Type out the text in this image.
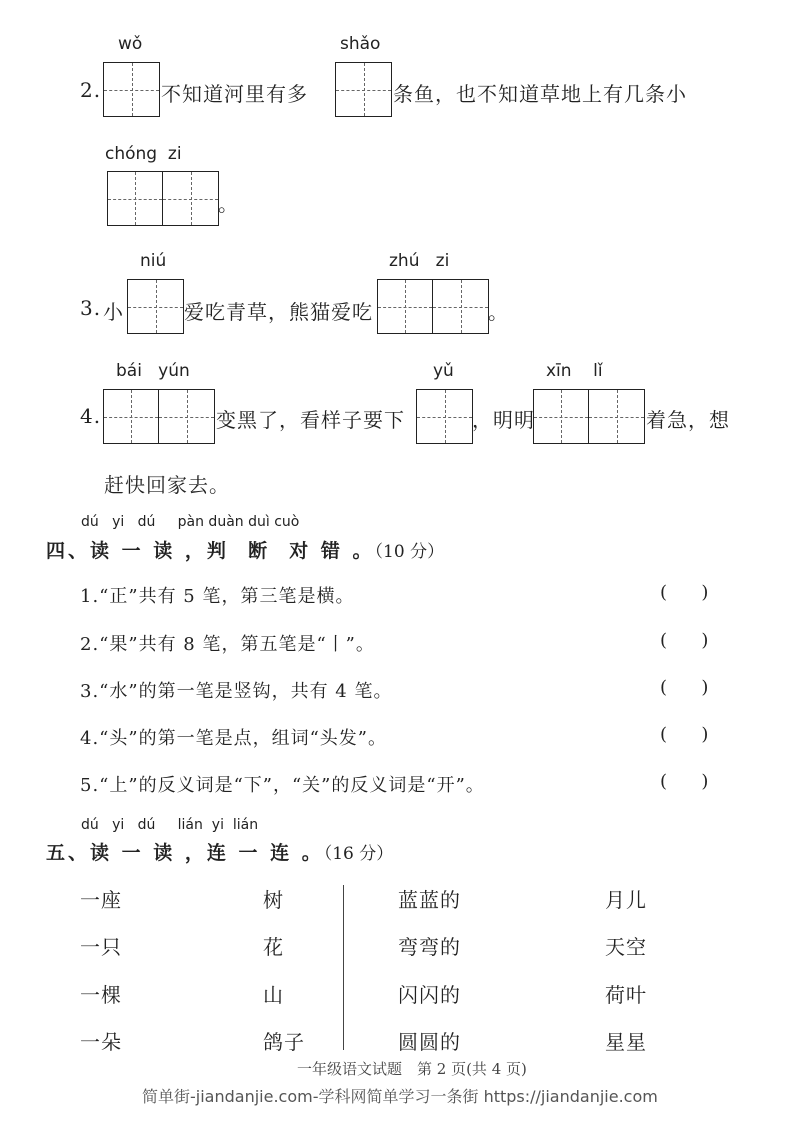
2.
wǒ
不知道河里有多
shǎo
条鱼，也不知道草地上有几条小
chóng  zi
。
3. 小
niú
爱吃青草，熊猫爱吃
zhú   zi
。
4.
bái   yún
变黑了，看样子要下
yǔ
，明明
xīn    lǐ
着急，想
赶快回家去。
dú   yi   dú     pàn duàn duì cuò
四、读 一 读 ，判  断  对 错 。（10 分）
1.“正”共有 5 笔，第三笔是横。
2.“果”共有 8 笔，第五笔是“丨”。
3.“水”的第一笔是竖钩，共有 4 笔。
4.“头”的第一笔是点，组词“头发”。
5.“上”的反义词是“下”，“关”的反义词是“开”。
(      )
(      )
(      )
(      )
(      )
dú   yi   dú     lián  yi  lián
五、读 一 读 ，连 一 连 。（16 分）
一座
一只
一棵
一朵
树
花
山
鸽子
蓝蓝的
弯弯的
闪闪的
圆圆的
月儿
天空
荷叶
星星
一年级语文试题　第 2 页(共 4 页)
简单街-jiandanjie.com-学科网简单学习一条街 https://jiandanjie.com
